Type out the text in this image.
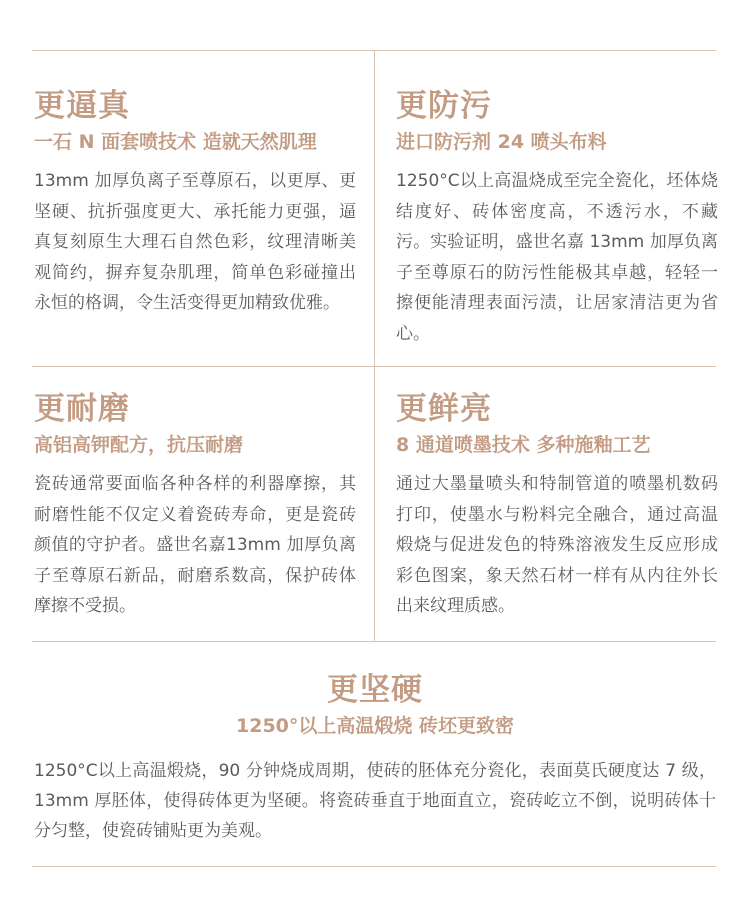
更逼真
一石 N 面套喷技术 造就天然肌理
13mm 加厚负离子至尊原石，以更厚、更坚硬、抗折强度更大、承托能力更强，逼真复刻原生大理石自然色彩，纹理清晰美观简约，摒弃复杂肌理，简单色彩碰撞出永恒的格调，令生活变得更加精致优雅。
更防污
进口防污剂 24 喷头布料
1250°C以上高温烧成至完全瓷化，坯体烧结度好、砖体密度高，不透污水，不藏污。实验证明，盛世名嘉 13mm 加厚负离子至尊原石的防污性能极其卓越，轻轻一擦便能清理表面污渍，让居家清洁更为省心。
更耐磨
高铝高钾配方，抗压耐磨
瓷砖通常要面临各种各样的利器摩擦，其耐磨性能不仅定义着瓷砖寿命，更是瓷砖颜值的守护者。盛世名嘉13mm 加厚负离子至尊原石新品，耐磨系数高，保护砖体摩擦不受损。
更鲜亮
8 通道喷墨技术 多种施釉工艺
通过大墨量喷头和特制管道的喷墨机数码打印，使墨水与粉料完全融合，通过高温煅烧与促进发色的特殊溶液发生反应形成彩色图案，象天然石材一样有从内往外长出来纹理质感。
更坚硬
1250°以上高温煅烧 砖坯更致密
1250°C以上高温煅烧，90 分钟烧成周期，使砖的胚体充分瓷化，表面莫氏硬度达 7 级，13mm 厚胚体，使得砖体更为坚硬。将瓷砖垂直于地面直立，瓷砖屹立不倒，说明砖体十分匀整，使瓷砖铺贴更为美观。
